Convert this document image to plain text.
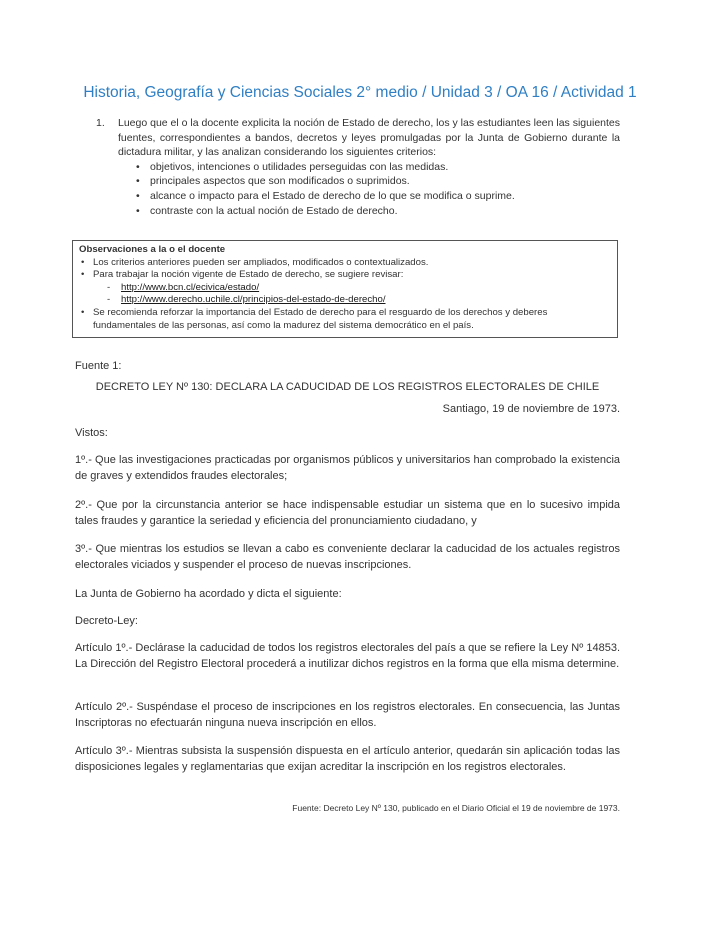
Historia, Geografía y Ciencias Sociales 2° medio / Unidad 3 / OA 16 / Actividad 1
1. Luego que el o la docente explicita la noción de Estado de derecho, los y las estudiantes leen las siguientes fuentes, correspondientes a bandos, decretos y leyes promulgadas por la Junta de Gobierno durante la dictadura militar, y las analizan considerando los siguientes criterios:
• objetivos, intenciones o utilidades perseguidas con las medidas.
• principales aspectos que son modificados o suprimidos.
• alcance o impacto para el Estado de derecho de lo que se modifica o suprime.
• contraste con la actual noción de Estado de derecho.
Observaciones a la o el docente
• Los criterios anteriores pueden ser ampliados, modificados o contextualizados.
• Para trabajar la noción vigente de Estado de derecho, se sugiere revisar:
- http://www.bcn.cl/ecivica/estado/
- http://www.derecho.uchile.cl/principios-del-estado-de-derecho/
• Se recomienda reforzar la importancia del Estado de derecho para el resguardo de los derechos y deberes fundamentales de las personas, así como la madurez del sistema democrático en el país.
Fuente 1:
DECRETO LEY Nº 130: DECLARA LA CADUCIDAD DE LOS REGISTROS ELECTORALES DE CHILE
Santiago, 19 de noviembre de 1973.
Vistos:

1º.- Que las investigaciones practicadas por organismos públicos y universitarios han comprobado la existencia de graves y extendidos fraudes electorales;

2º.- Que por la circunstancia anterior se hace indispensable estudiar un sistema que en lo sucesivo impida tales fraudes y garantice la seriedad y eficiencia del pronunciamiento ciudadano, y

3º.- Que mientras los estudios se llevan a cabo es conveniente declarar la caducidad de los actuales registros electorales viciados y suspender el proceso de nuevas inscripciones.

La Junta de Gobierno ha acordado y dicta el siguiente:
Decreto-Ley:

Artículo 1º.- Declárase la caducidad de todos los registros electorales del país a que se refiere la Ley Nº 14853. La Dirección del Registro Electoral procederá a inutilizar dichos registros en la forma que ella misma determine.

Artículo 2º.- Suspéndase el proceso de inscripciones en los registros electorales. En consecuencia, las Juntas Inscriptoras no efectuarán ninguna nueva inscripción en ellos.

Artículo 3º.- Mientras subsista la suspensión dispuesta en el artículo anterior, quedarán sin aplicación todas las disposiciones legales y reglamentarias que exijan acreditar la inscripción en los registros electorales.

Fuente: Decreto Ley Nº 130, publicado en el Diario Oficial el 19 de noviembre de 1973.
